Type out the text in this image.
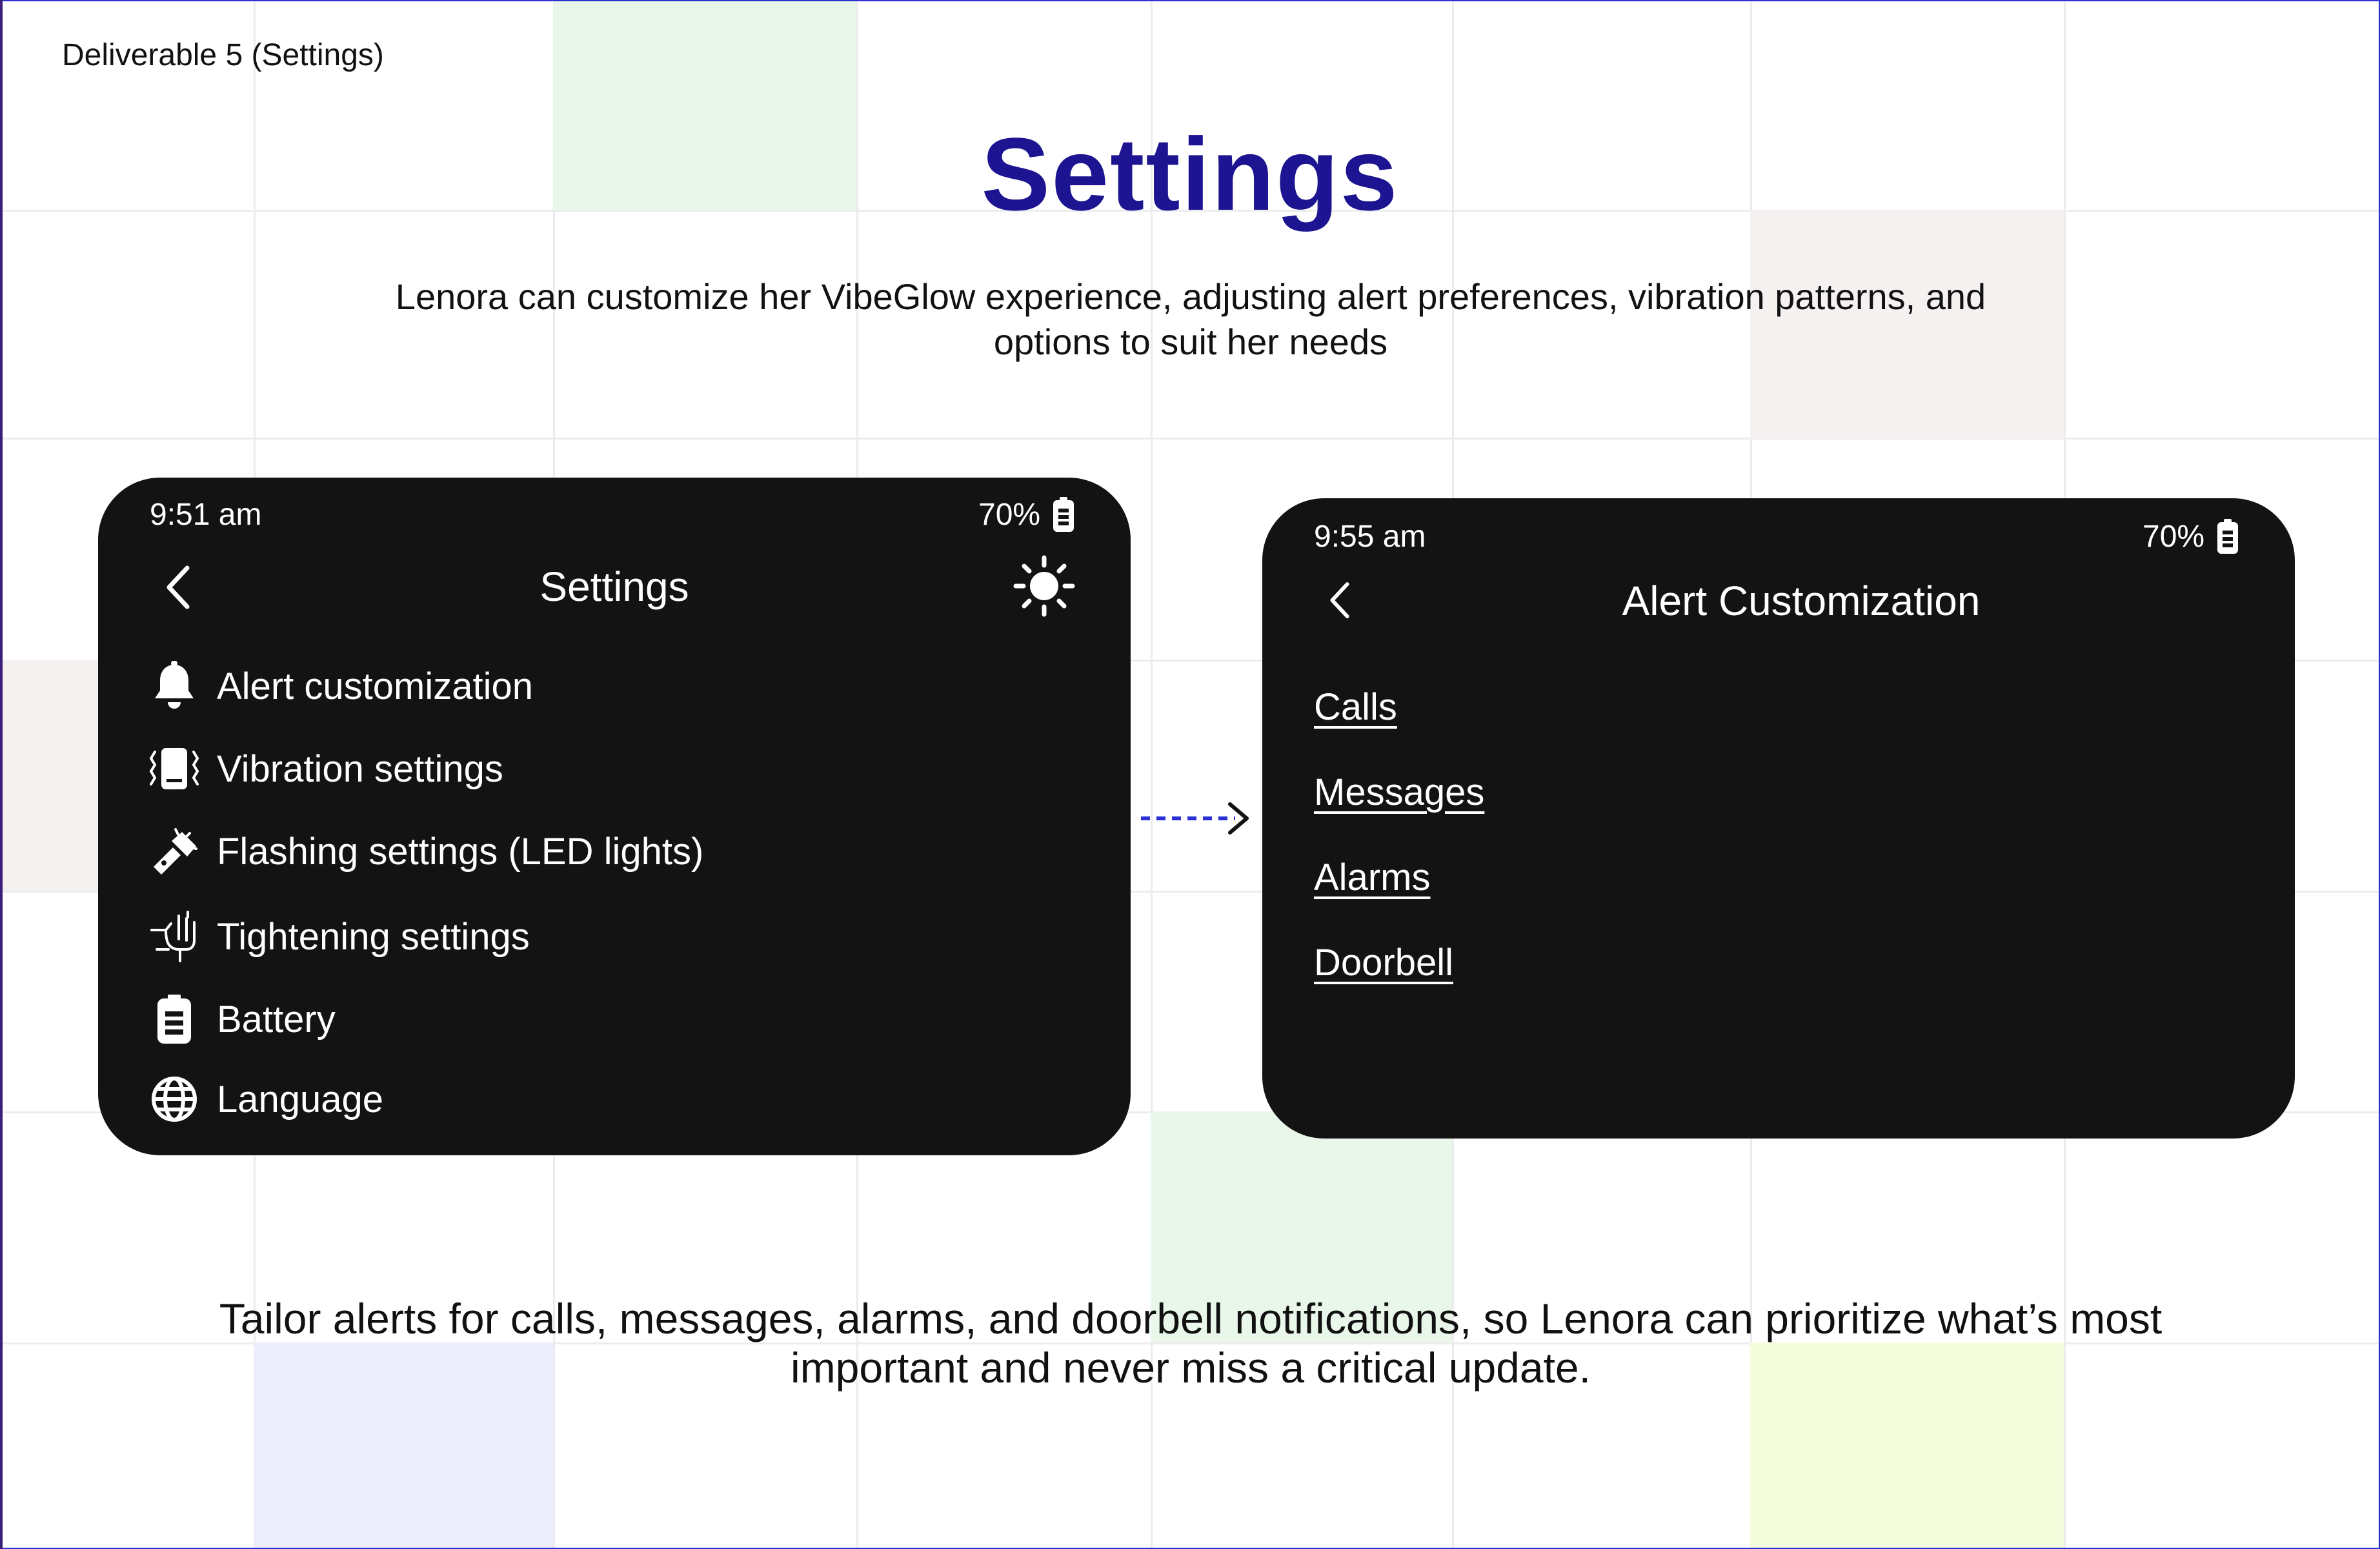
Deliverable 5 (Settings)
Settings
Lenora can customize her VibeGlow experience, adjusting alert preferences, vibration patterns, and options to suit her needs
9:51 am	70%
Settings
Alert customization
Vibration settings
Flashing settings (LED lights)
Tightening settings
Battery
Language
9:55 am	70%
Alert Customization
Calls
Messages
Alarms
Doorbell
Tailor alerts for calls, messages, alarms, and doorbell notifications, so Lenora can prioritize what’s most important and never miss a critical update.
